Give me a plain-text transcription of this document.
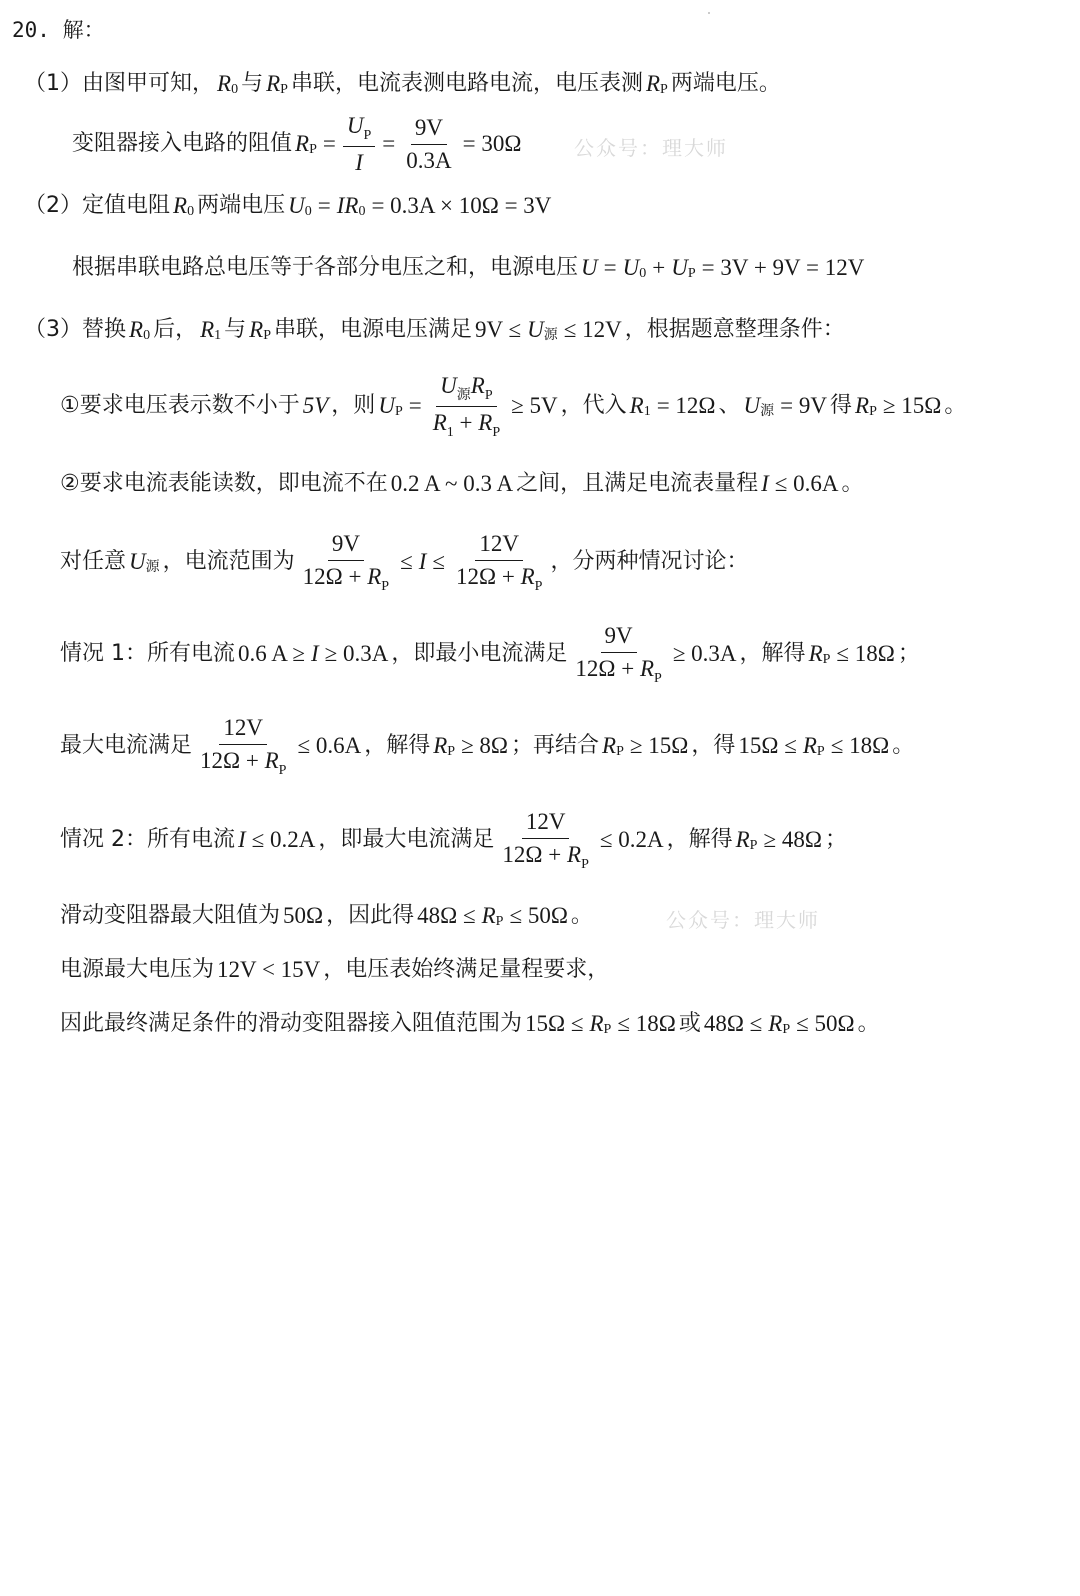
20. 解：
（1） 由图甲可知， R 0 与 R P 串联，电流表测电路电流，电压表测 R P 两端电压。
变阻器接入电路的阻值 R $P = \frac{U_P}{I} = \frac{9V}{0.3A} = 30\Omega$	公众号：理大师
（2） 定值电阻 R 0 两端电压 U 0 = I R 0 = 0.3A × 10Ω = 3V
根据串联电路总电压等于各部分电压之和，电源电压 U = U 0 + U P = 3V + 9V = 12V
（3） 替换 R 0 后， R 1 与 R P 串联，电源电压满足 9V ≤ U 源 ≤ 12V ，根据题意整理条件：
①要求电压表示数不小于 5V ，则 U $P = \frac{U_源R_P}{R_1 + R_P} \ge 5V$ ，代入 R 1 = 12Ω 、 U 源 = 9V 得 R P ≥ 15Ω 。
②要求电流表能读数，即电流不在 0.2 A ~ 0.3 A 之间，且满足电流表量程 I ≤ 0.6A 。
对任意 U 源 ，电流范围为 $\frac{9V}{12\Omega + R_P} \le I \le \frac{12V}{12\Omega + R_P}$ ，分两种情况讨论：
情况 1：所有电流 0.6 A ≥ I ≥ 0.3A ，即最小电流满足 $\frac{9V}{12\Omega + R_P} \ge 0.3A$ ，解得 R P ≤ 18Ω ；
最大电流满足 $\frac{12V}{12\Omega + R_P} \le 0.6A$ ，解得 R P ≥ 8Ω ；再结合 R P ≥ 15Ω ，得 15Ω ≤ R P ≤ 18Ω 。
情况 2：所有电流 I ≤ 0.2A ，即最大电流满足 $\frac{12V}{12\Omega + R_P} \le 0.2A$ ，解得 R P ≥ 48Ω ；
滑动变阻器最大阻值为 50Ω ，因此得 48Ω ≤ R P ≤ 50Ω 。	公众号：理大师
电源最大电压为 12V < 15V ，电压表始终满足量程要求，
因此最终满足条件的滑动变阻器接入阻值范围为 15Ω ≤ R P ≤ 18Ω 或 48Ω ≤ R P ≤ 50Ω 。
